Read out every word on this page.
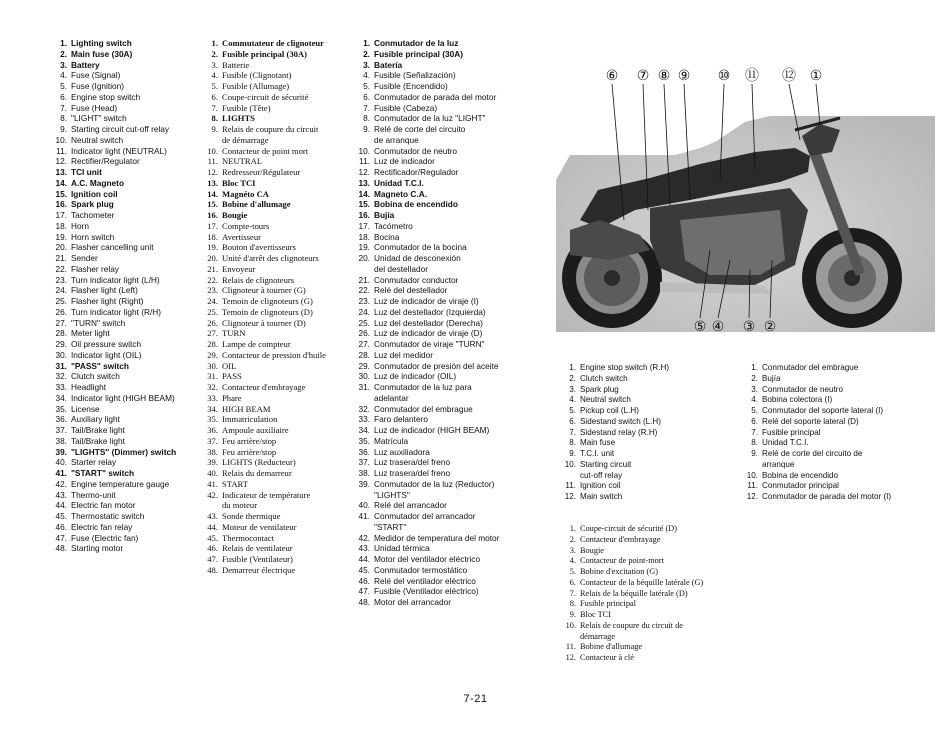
1. Lighting switch
2. Main fuse (30A)
3. Battery
4. Fuse (Signal)
5. Fuse (Ignition)
6. Engine stop switch
7. Fuse (Head)
8. "LIGHT" switch
9. Starting circuit cut-off relay
10. Neutral switch
11. Indicator light (NEUTRAL)
12. Rectifier/Regulator
13. TCI unit
14. A.C. Magneto
15. Ignition coil
16. Spark plug
17. Tachometer
18. Horn
19. Horn switch
20. Flasher cancelling unit
21. Sender
22. Flasher relay
23. Turn indicator light (L/H)
24. Flasher light (Left)
25. Flasher light (Right)
26. Turn indicator light (R/H)
27. "TURN" switch
28. Meter light
29. Oil pressure switch
30. Indicator light (OIL)
31. "PASS" switch
32. Clutch switch
33. Headlight
34. Indicator light (HIGH BEAM)
35. License
36. Auxiliary light
37. Tail/Brake light
38. Tail/Brake light
39. "LIGHTS" (Dimmer) switch
40. Starter relay
41. "START" switch
42. Engine temperature gauge
43. Thermo-unit
44. Electric fan motor
45. Thermostatic switch
46. Electric fan relay
47. Fuse (Electric fan)
48. Starting motor
1. Commutateur de clignoteur
2. Fusible principal (30A)
3. Batterie
4. Fusible (Clignotant)
5. Fusible (Allumage)
6. Coupe-circuit de sécurité
7. Fusible (Tête)
8. LIGHTS
9. Relais de coupure du circuit
de démarrage
10. Contacteur de point mort
11. NEUTRAL
12. Redresseur/Régulateur
13. Bloc TCI
14. Magnéto CA
15. Bobine d'allumage
16. Bougie
17. Compte-tours
18. Avertisseur
19. Bouton d'avertisseurs
20. Unité d'arrêt des clignoteurs
21. Envoyeur
22. Relais de clignoteurs
23. Clignoteur à tourner (G)
24. Temoin de clignoteurs (G)
25. Temoin de clignoteurs (D)
26. Clignoteur à tourner (D)
27. TURN
28. Lampe de compteur
29. Contacteur de pression d'huile
30. OIL
31. PASS
32. Contacteur d'embrayage
33. Phare
34. HIGH BEAM
35. Immatriculation
36. Ampoule auxiliaire
37. Feu arrière/stop
38. Feu arrière/stop
39. LIGHTS (Reducteur)
40. Relais du demarreur
41. START
42. Indicateur de température
du moteur
43. Sonde thermique
44. Moteur de ventilateur
45. Thermocontact
46. Relais de ventilateur
47. Fusible (Ventilateur)
48. Demarreur électrique
1. Conmutador de la luz
2. Fusible principal (30A)
3. Batería
4. Fusible (Señalización)
5. Fusible (Encendido)
6. Conmutador de parada del motor
7. Fusible (Cabeza)
8. Conmutador de la luz "LIGHT"
9. Relé de corte del circuito
de arranque
10. Conmutador de neutro
11. Luz de indicador
12. Rectificador/Regulador
13. Unidad T.C.I.
14. Magneto C.A.
15. Bobina de encendido
16. Bujía
17. Tacómetro
18. Bocina
19. Conmutador de la bocina
20. Unidad de desconexión
del destellador
21. Conmutador conductor
22. Relé del destellador
23. Luz de indicador de viraje (I)
24. Luz del destellador (Izquierda)
25. Luz del destellador (Derecha)
26. Luz de indicador de viraje (D)
27. Conmutador de viraje "TURN"
28. Luz del medidor
29. Conmutador de presión del aceite
30. Luz de indicador (OIL)
31. Conmutador de la luz para
adelantar
32. Conmutador del embrague
33. Faro delantero
34. Luz de indicador (HIGH BEAM)
35. Matrícula
36. Luz auxiliadora
37. Luz trasera/del freno
38. Luz trasera/del freno
39. Conmutador de la luz (Reductor)
"LIGHTS"
40. Relé del arrancador
41. Conmutador del arrancador
"START"
42. Medidor de temperatura del motor
43. Unidad térmica
44. Motor del ventilador eléctrico
45. Conmutador termostático
46. Relé del ventilador eléctrico
47. Fusible (Ventilador eléctrico)
48. Motor del arrancador
⑥ ⑦ ⑧ ⑨ ⑩ ⑪ ⑫ ①
⑤ ④ ③ ②
1. Engine stop switch (R.H)
2. Clutch switch
3. Spark plug
4. Neutral switch
5. Pickup coil (L.H)
6. Sidestand switch (L.H)
7. Sidestand relay (R.H)
8. Main fuse
9. T.C.I. unit
10. Starting circuit
cut-off relay
11. Ignition coil
12. Main switch
1. Conmutador del embrague
2. Bujía
3. Conmutador de neutro
4. Bobina colectora (I)
5. Conmutador del soporte lateral (I)
6. Relé del soporte lateral (D)
7. Fusible principal
8. Unidad T.C.I.
9. Relé de corte del circuito de
arranque
10. Bobina de encendido
11. Conmutador principal
12. Conmutador de parada del motor (I)
1. Coupe-circuit de sécurité (D)
2. Contacteur d'embrayage
3. Bougie
4. Contacteur de point-mort
5. Bobine d'excitation (G)
6. Contacteur de la béquille latérale (G)
7. Relais de la béquille latérale (D)
8. Fusible principal
9. Bloc TCI
10. Relais de coupure du circuit de
démarrage
11. Bobine d'allumage
12. Contacteur à clé
7-21
